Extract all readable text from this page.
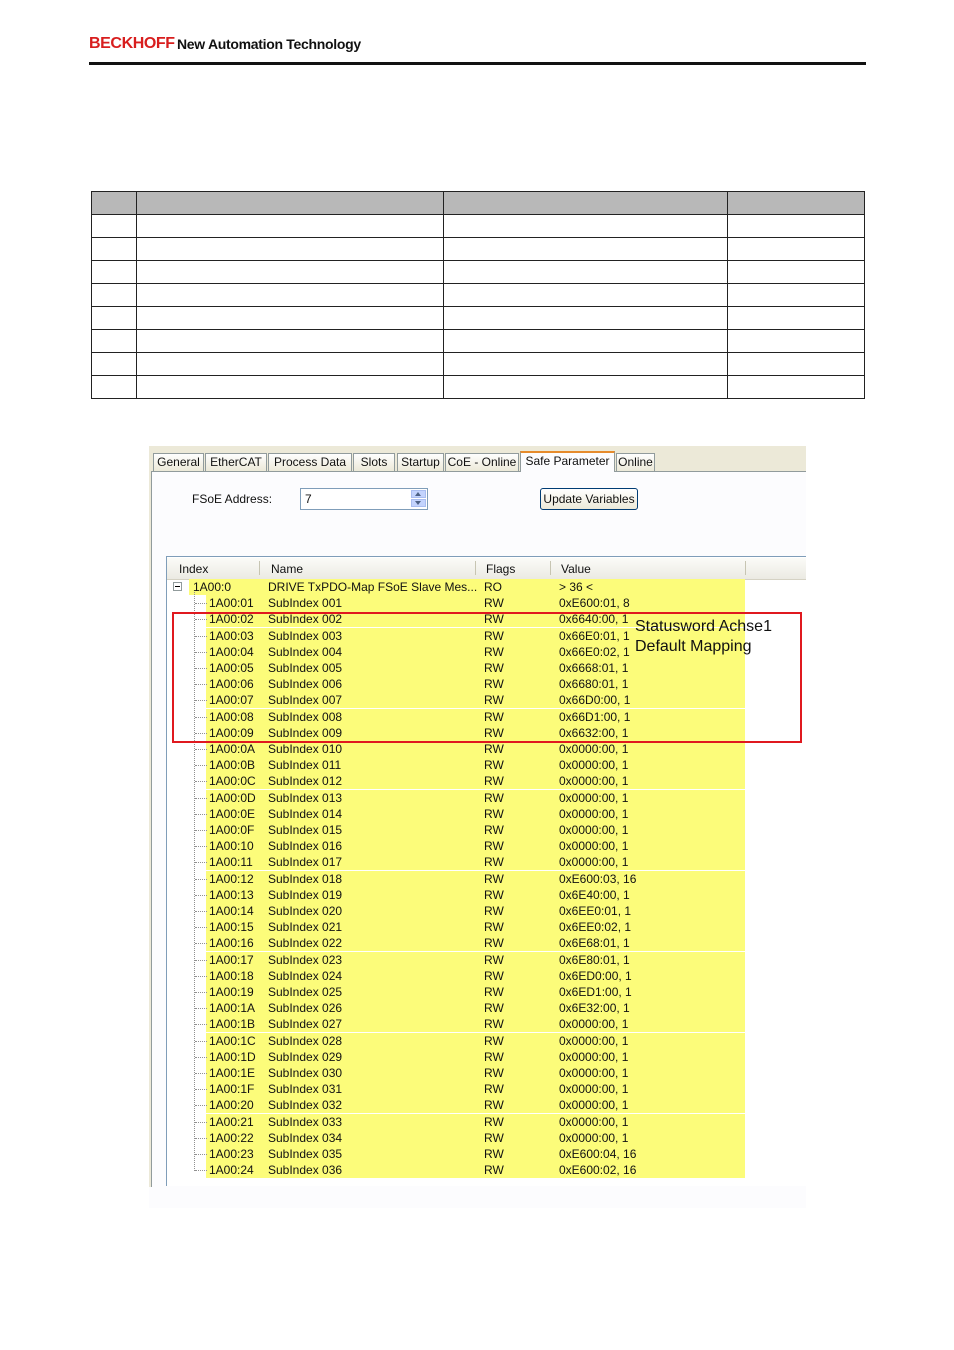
BECKHOFF New Automation Technology

General EtherCAT	Process Data	Slots	Startup CoE - Online Safe Parameter Online
FSoE Address:	7	Update Variables
Index	Name	Flags	Value
1A00:0	DRIVE TxPDO-Map FSoE Slave Mes... RO	> 36 <
1A00:01 SubIndex 001	RW	0xE600:01, 8
1A00:02 SubIndex 002	RW	0x6640:00, 1
1A00:03 SubIndex 003	RW	0x66E0:01, 1
1A00:04 SubIndex 004	RW	0x66E0:02, 1
1A00:05 SubIndex 005	RW	0x6668:01, 1
1A00:06 SubIndex 006	RW	0x6680:01, 1
1A00:07 SubIndex 007	RW	0x66D0:00, 1
1A00:08 SubIndex 008	RW	0x66D1:00, 1
1A00:09 SubIndex 009	RW	0x6632:00, 1
1A00:0A SubIndex 010	RW	0x0000:00, 1
1A00:0B SubIndex 011	RW	0x0000:00, 1
1A00:0C SubIndex 012	RW	0x0000:00, 1
1A00:0D SubIndex 013	RW	0x0000:00, 1
1A00:0E SubIndex 014	RW	0x0000:00, 1
1A00:0F SubIndex 015	RW	0x0000:00, 1
1A00:10 SubIndex 016	RW	0x0000:00, 1
1A00:11 SubIndex 017	RW	0x0000:00, 1
1A00:12 SubIndex 018	RW	0xE600:03, 16
1A00:13 SubIndex 019	RW	0x6E40:00, 1
1A00:14 SubIndex 020	RW	0x6EE0:01, 1
1A00:15 SubIndex 021	RW	0x6EE0:02, 1
1A00:16 SubIndex 022	RW	0x6E68:01, 1
1A00:17 SubIndex 023	RW	0x6E80:01, 1
1A00:18 SubIndex 024	RW	0x6ED0:00, 1
1A00:19 SubIndex 025	RW	0x6ED1:00, 1
1A00:1A SubIndex 026	RW	0x6E32:00, 1
1A00:1B SubIndex 027	RW	0x0000:00, 1
1A00:1C SubIndex 028	RW	0x0000:00, 1
1A00:1D SubIndex 029	RW	0x0000:00, 1
1A00:1E SubIndex 030	RW	0x0000:00, 1
1A00:1F SubIndex 031	RW	0x0000:00, 1
1A00:20 SubIndex 032	RW	0x0000:00, 1
1A00:21 SubIndex 033	RW	0x0000:00, 1
1A00:22 SubIndex 034	RW	0x0000:00, 1
1A00:23 SubIndex 035	RW	0xE600:04, 16
1A00:24 SubIndex 036	RW	0xE600:02, 16
Statusword Achse1
Default Mapping
